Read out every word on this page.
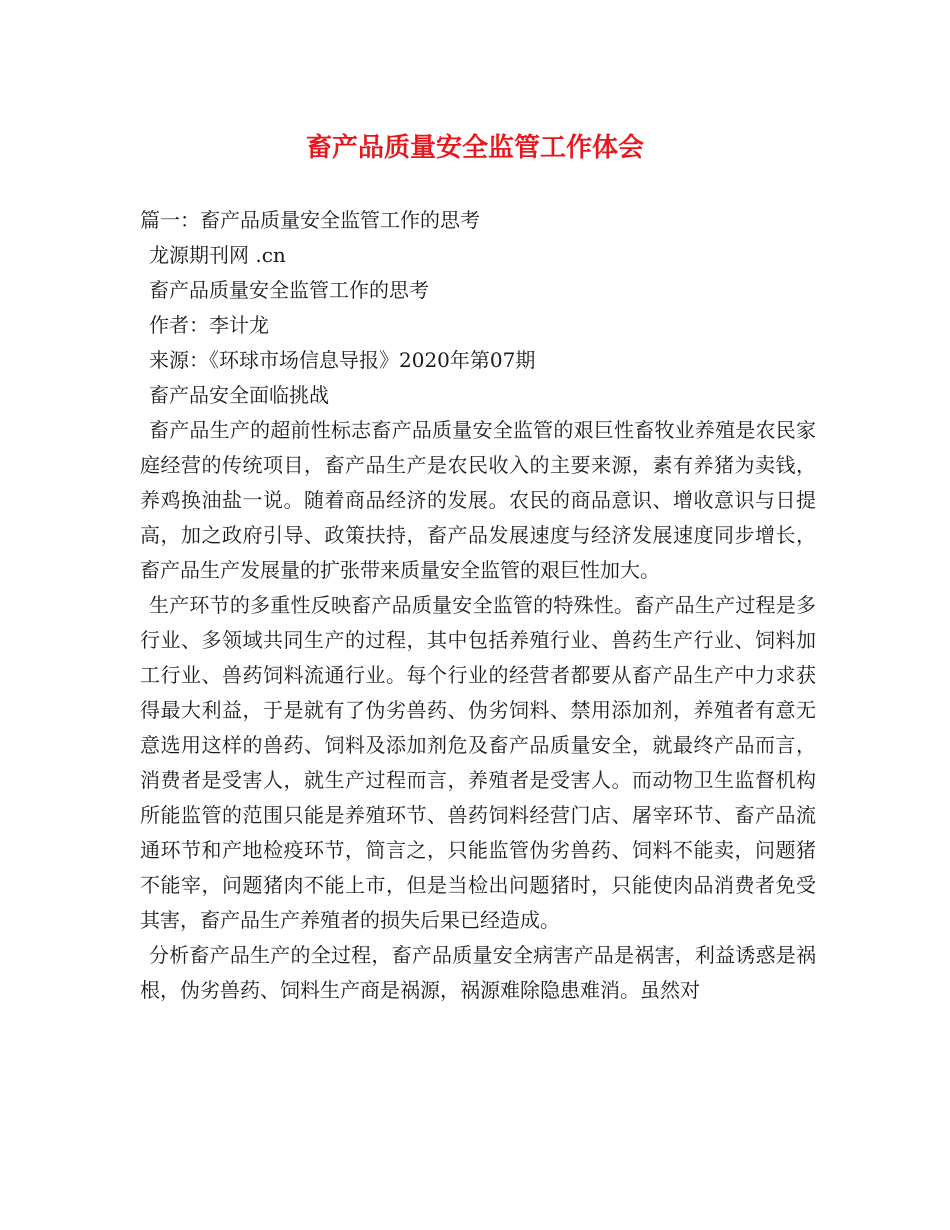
畜产品质量安全监管工作体会

篇一：畜产品质量安全监管工作的思考

龙源期刊网 .cn

畜产品质量安全监管工作的思考

作者：李计龙

来源：《环球市场信息导报》2020年第07期

畜产品安全面临挑战

畜产品生产的超前性标志畜产品质量安全监管的艰巨性畜牧业养殖是农民家庭经营的传统项目，畜产品生产是农民收入的主要来源，素有养猪为卖钱，养鸡换油盐一说。随着商品经济的发展。农民的商品意识、增收意识与日提高，加之政府引导、政策扶持，畜产品发展速度与经济发展速度同步增长，畜产品生产发展量的扩张带来质量安全监管的艰巨性加大。

生产环节的多重性反映畜产品质量安全监管的特殊性。畜产品生产过程是多行业、多领域共同生产的过程，其中包括养殖行业、兽药生产行业、饲料加工行业、兽药饲料流通行业。每个行业的经营者都要从畜产品生产中力求获得最大利益，于是就有了伪劣兽药、伪劣饲料、禁用添加剂，养殖者有意无意选用这样的兽药、饲料及添加剂危及畜产品质量安全，就最终产品而言，消费者是受害人，就生产过程而言，养殖者是受害人。而动物卫生监督机构所能监管的范围只能是养殖环节、兽药饲料经营门店、屠宰环节、畜产品流通环节和产地检疫环节，简言之，只能监管伪劣兽药、饲料不能卖，问题猪不能宰，问题猪肉不能上市，但是当检出问题猪时，只能使肉品消费者免受其害，畜产品生产养殖者的损失后果已经造成。

分析畜产品生产的全过程，畜产品质量安全病害产品是祸害，利益诱惑是祸根，伪劣兽药、饲料生产商是祸源，祸源难除隐患难消。虽然对
